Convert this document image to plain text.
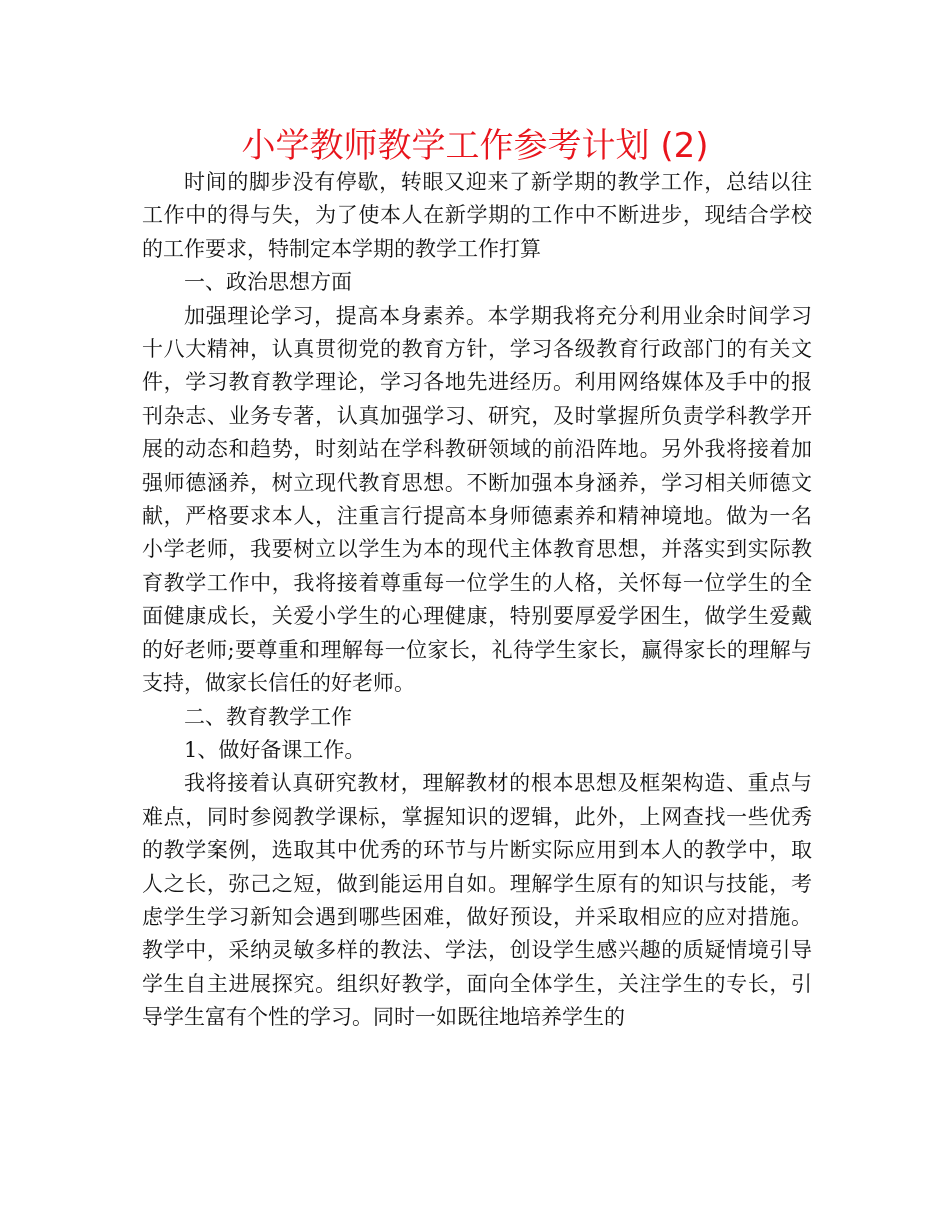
小学教师教学工作参考计划 (2)

时间的脚步没有停歇，转眼又迎来了新学期的教学工作，总结以往工作中的得与失，为了使本人在新学期的工作中不断进步，现结合学校的工作要求，特制定本学期的教学工作打算

一、政治思想方面

加强理论学习，提高本身素养。本学期我将充分利用业余时间学习十八大精神，认真贯彻党的教育方针，学习各级教育行政部门的有关文件，学习教育教学理论，学习各地先进经历。利用网络媒体及手中的报刊杂志、业务专著，认真加强学习、研究，及时掌握所负责学科教学开展的动态和趋势，时刻站在学科教研领域的前沿阵地。另外我将接着加强师德涵养，树立现代教育思想。不断加强本身涵养，学习相关师德文献，严格要求本人，注重言行提高本身师德素养和精神境地。做为一名小学老师，我要树立以学生为本的现代主体教育思想，并落实到实际教育教学工作中，我将接着尊重每一位学生的人格，关怀每一位学生的全面健康成长，关爱小学生的心理健康，特别要厚爱学困生，做学生爱戴的好老师;要尊重和理解每一位家长，礼待学生家长，赢得家长的理解与支持，做家长信任的好老师。

二、教育教学工作

1、做好备课工作。

我将接着认真研究教材，理解教材的根本思想及框架构造、重点与难点，同时参阅教学课标，掌握知识的逻辑，此外，上网查找一些优秀的教学案例，选取其中优秀的环节与片断实际应用到本人的教学中，取人之长，弥己之短，做到能运用自如。理解学生原有的知识与技能，考虑学生学习新知会遇到哪些困难，做好预设，并采取相应的应对措施。教学中，采纳灵敏多样的教法、学法，创设学生感兴趣的质疑情境引导学生自主进展探究。组织好教学，面向全体学生，关注学生的专长，引导学生富有个性的学习。同时一如既往地培养学生的
